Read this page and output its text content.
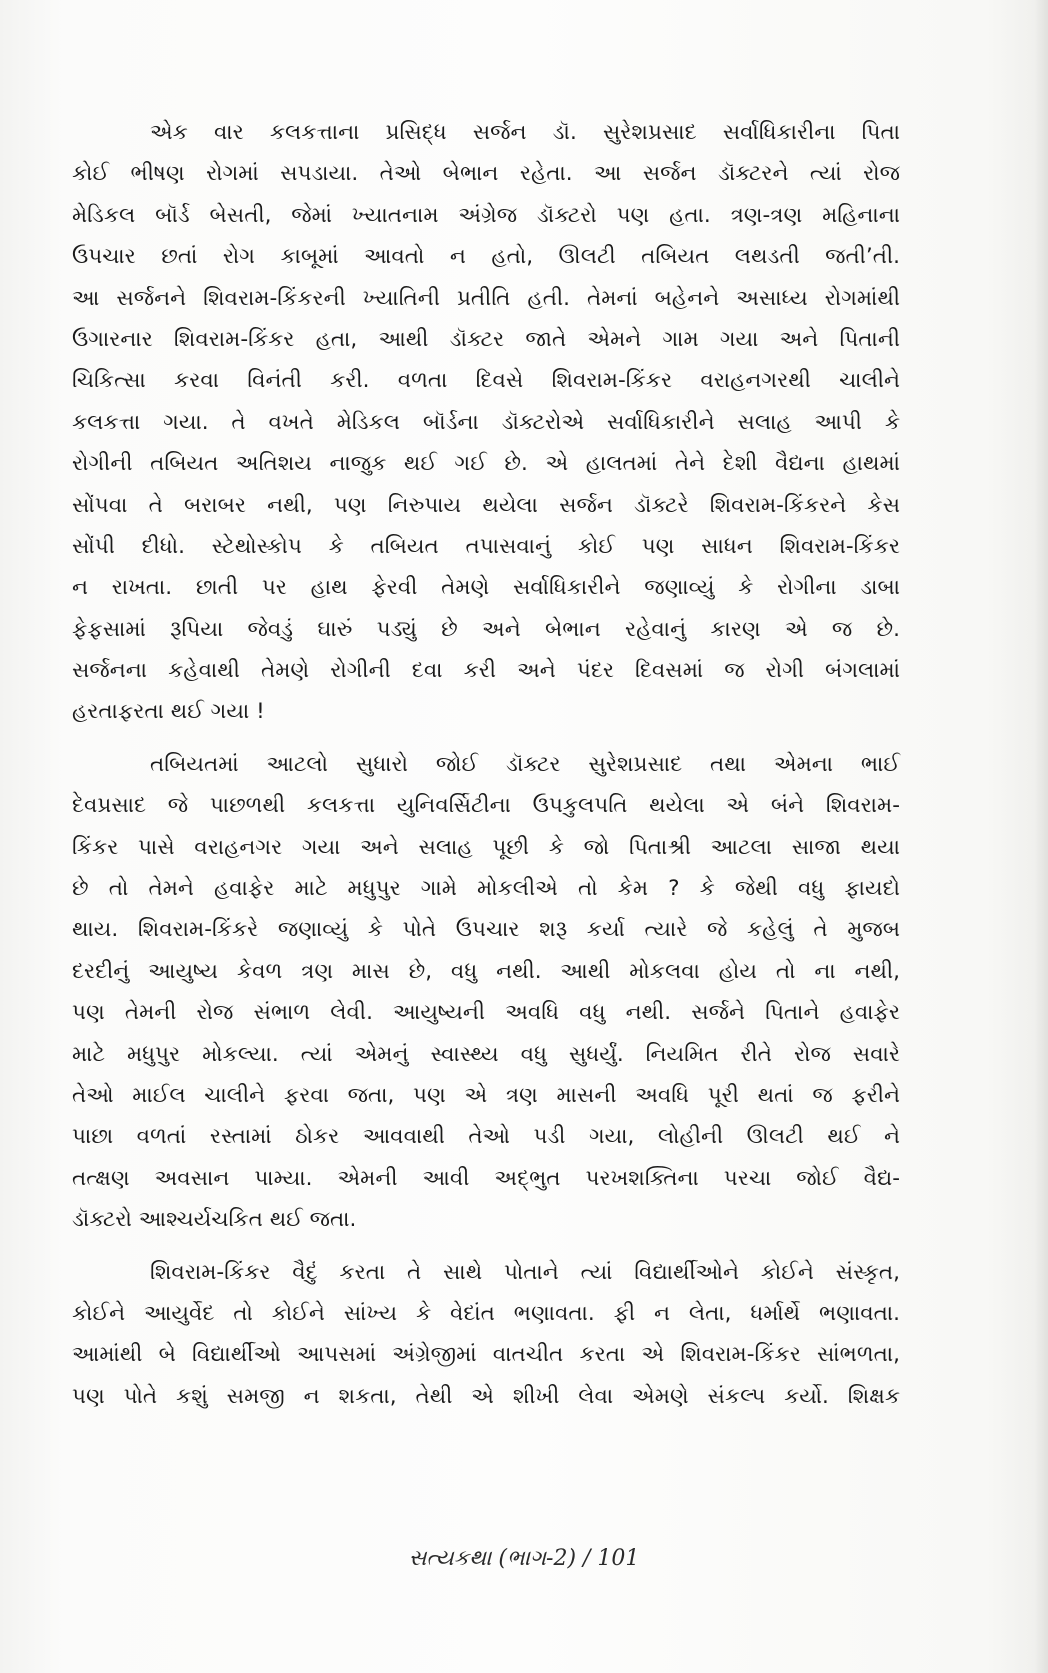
એક વાર કલકત્તાના પ્રસિદ્ધ સર્જન ડૉ. સુરેશપ્રસાદ સર્વાધિકારીના પિતા
કોઈ ભીષણ રોગમાં સપડાયા. તેઓ બેભાન રહેતા. આ સર્જન ડૉક્ટરને ત્યાં રોજ
મેડિકલ બૉર્ડ બેસતી, જેમાં ખ્યાતનામ અંગ્રેજ ડૉક્ટરો પણ હતા. ત્રણ-ત્રણ મહિનાના
ઉપચાર છતાં રોગ કાબૂમાં આવતો ન હતો, ઊલટી તબિયત લથડતી જતી’તી.
આ સર્જનને શિવરામ-કિંકરની ખ્યાતિની પ્રતીતિ હતી. તેમનાં બહેનને અસાધ્ય રોગમાંથી
ઉગારનાર શિવરામ-કિંકર હતા, આથી ડૉક્ટર જાતે એમને ગામ ગયા અને પિતાની
ચિકિત્સા કરવા વિનંતી કરી. વળતા દિવસે શિવરામ-કિંકર વરાહનગરથી ચાલીને
કલકત્તા ગયા. તે વખતે મેડિકલ બૉર્ડના ડૉક્ટરોએ સર્વાધિકારીને સલાહ આપી કે
રોગીની તબિયત અતિશય નાજુક થઈ ગઈ છે. એ હાલતમાં તેને દેશી વૈદ્યના હાથમાં
સોંપવા તે બરાબર નથી, પણ નિરુપાય થયેલા સર્જન ડૉક્ટરે શિવરામ-કિંકરને કેસ
સોંપી દીધો. સ્ટેથોસ્કોપ કે તબિયત તપાસવાનું કોઈ પણ સાધન શિવરામ-કિંકર
ન રાખતા. છાતી પર હાથ ફેરવી તેમણે સર્વાધિકારીને જણાવ્યું કે રોગીના ડાબા
ફેફસામાં રૂપિયા જેવડું ઘારું પડ્યું છે અને બેભાન રહેવાનું કારણ એ જ છે.
સર્જનના કહેવાથી તેમણે રોગીની દવા કરી અને પંદર દિવસમાં જ રોગી બંગલામાં
હરતાફરતા થઈ ગયા !

તબિયતમાં આટલો સુધારો જોઈ ડૉક્ટર સુરેશપ્રસાદ તથા એમના ભાઈ
દેવપ્રસાદ જે પાછળથી કલકત્તા યુનિવર્સિટીના ઉપકુલપતિ થયેલા એ બંને શિવરામ-
કિંકર પાસે વરાહનગર ગયા અને સલાહ પૂછી કે જો પિતાશ્રી આટલા સાજા થયા
છે તો તેમને હવાફેર માટે મધુપુર ગામે મોકલીએ તો કેમ ? કે જેથી વધુ ફાયદો
થાય. શિવરામ-કિંકરે જણાવ્યું કે પોતે ઉપચાર શરૂ કર્યા ત્યારે જે કહેલું તે મુજબ
દરદીનું આયુષ્ય કેવળ ત્રણ માસ છે, વધુ નથી. આથી મોકલવા હોય તો ના નથી,
પણ તેમની રોજ સંભાળ લેવી. આયુષ્યની અવધિ વધુ નથી. સર્જને પિતાને હવાફેર
માટે મધુપુર મોકલ્યા. ત્યાં એમનું સ્વાસ્થ્ય વધુ સુધર્યું. નિયમિત રીતે રોજ સવારે
તેઓ માઈલ ચાલીને ફરવા જતા, પણ એ ત્રણ માસની અવધિ પૂરી થતાં જ ફરીને
પાછા વળતાં રસ્તામાં ઠોકર આવવાથી તેઓ પડી ગયા, લોહીની ઊલટી થઈ ને
તત્ક્ષણ અવસાન પામ્યા. એમની આવી અદ્ભુત પરખશક્તિના પરચા જોઈ વૈદ્ય-
ડૉક્ટરો આશ્ચર્યચકિત થઈ જતા.

શિવરામ-કિંકર વૈદું કરતા તે સાથે પોતાને ત્યાં વિદ્યાર્થીઓને કોઈને સંસ્કૃત,
કોઈને આયુર્વેદ તો કોઈને સાંખ્ય કે વેદાંત ભણાવતા. ફી ન લેતા, ધર્માર્થે ભણાવતા.
આમાંથી બે વિદ્યાર્થીઓ આપસમાં અંગ્રેજીમાં વાતચીત કરતા એ શિવરામ-કિંકર સાંભળતા,
પણ પોતે કશું સમજી ન શકતા, તેથી એ શીખી લેવા એમણે સંકલ્પ કર્યો. શિક્ષક

સત્યકથા (ભાગ-2) / 101
